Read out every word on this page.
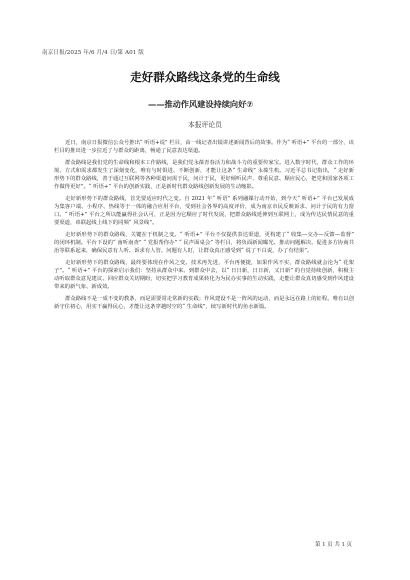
南京日报/2025 年/6 月/4 日/第 A01 版
走好群众路线这条党的生命线
——推动作风建设持续向好⑦
本报评论员

近日，南京日报微信公众号推出“ 听语+说” 栏目，由一线记者出镜讲述新闻背后的故事。作为“ 听语+” 平台的一部分，该栏目的推出进一步拉近了与群众的距离，畅通了民意表达渠道。

群众路线是我们党的生命线和根本工作路线，是我们党永葆青春活力和战斗力的重要传家宝。进入数字时代，群众工作的环境、方式和需求都发生了深刻变化，唯有与时俱进、不断创新，才能让这条“ 生命线” 永葆生机。习近平总书记指出，“ 走好新形势下的群众路线，善于通过互联网等各种渠道问需于民，问计于民，更好倾听民声、尊重民意、顺应民心，把党和国家各项工作做得更好”。“ 听语+” 平台的创新实践，正是新时代群众路线创新发展的生动缩影。

走好新形势下的群众路线，首先要适应时代之变。自 2021 年“ 听语” 系列融媒行动开始，到今天“ 听语+” 平台已发展成为集客户端、小程序、热线等于一体的融合应用平台，受到社会各界的高度评价，成为南京市民反映诉求、问计于民的有力窗口。“ 听语+” 平台之所以能赢得社会认可，正是因为它顺应了时代发展，把群众路线延伸到互联网上，成为传达民情民意的重要渠道，串联起线上线下的同频“ 风景线”。

走好新形势下的群众路线，关键在于机制之变。“ 听语+” 平台不仅提供表达渠道，更构建了“ 收集—交办—反馈—监督” 的闭环机制。平台下设的“ 南听南查” “ 党报帮你办” “ 民声面桌会” 等栏目，将负面新闻曝光、推动问题解决、促进多方协商共治等联系起来，确保民意有人听、诉求有人管、问题有人盯，让群众真正感受到“ 说了不白说，办了有结果”。

走好新形势下的群众路线，最终要体现在作风之变。技术再先进，平台再便捷，如果作风不实，群众路线就会沦为“ 花架子”。“ 听语+” 平台的探索启示我们：坚持从群众中来、到群众中去，以“ 日日新，日日新，又日新” 的自觉持续创新，积极主动听取群众意见建议、回应群众关切期盼，切实把学习教育成果转化为为民办实事的生动实践，走能让群众真切感受到作风建设带来的新气象、新成效。

群众路线不是一成不变的教条，而是需要常走常新的实践；作风建设不是一阵风的运动，而是永远在路上的征程。唯有以创新守住初心，用实干赢得民心，才能让这条穿越时空的“ 生命线”，续写新时代的鱼水新篇。

第 1 页 共 1 页
